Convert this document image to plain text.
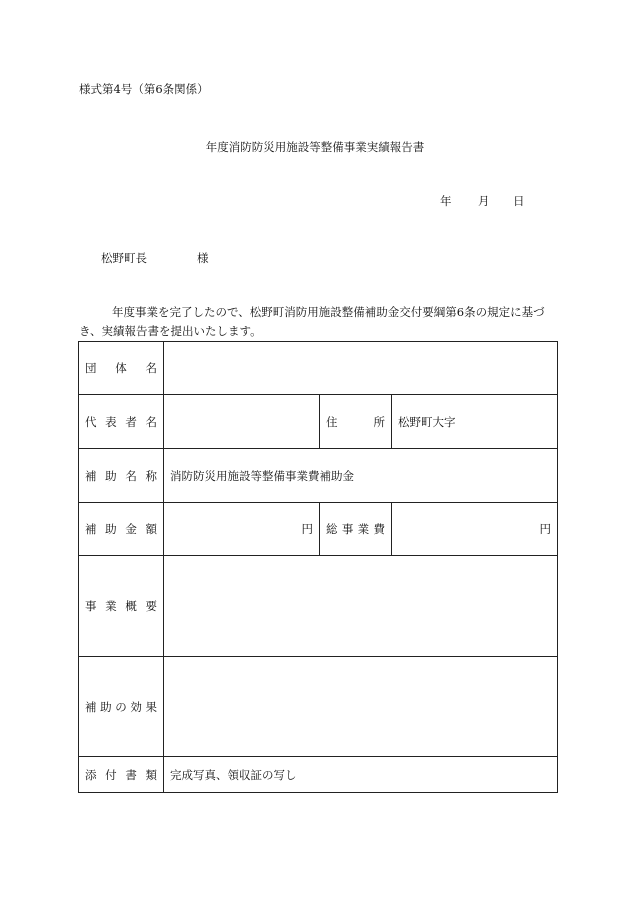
様式第4号（第6条関係）
年度消防防災用施設等整備事業実績報告書
年 月 日
松野町長	様
年度事業を完了したので、松野町消防用施設整備補助金交付要綱第6条の規定に基づき、実績報告書を提出いたします。
団 体 名			

代 表 者 名		住 所	松野町大字

補 助 名 称	消防防災用施設等整備事業費補助金		

補 助 金 額	円	総 事 業 費	円

事 業 概 要			

補 助 の 効 果			

添 付 書 類	完成写真、領収証の写し		
